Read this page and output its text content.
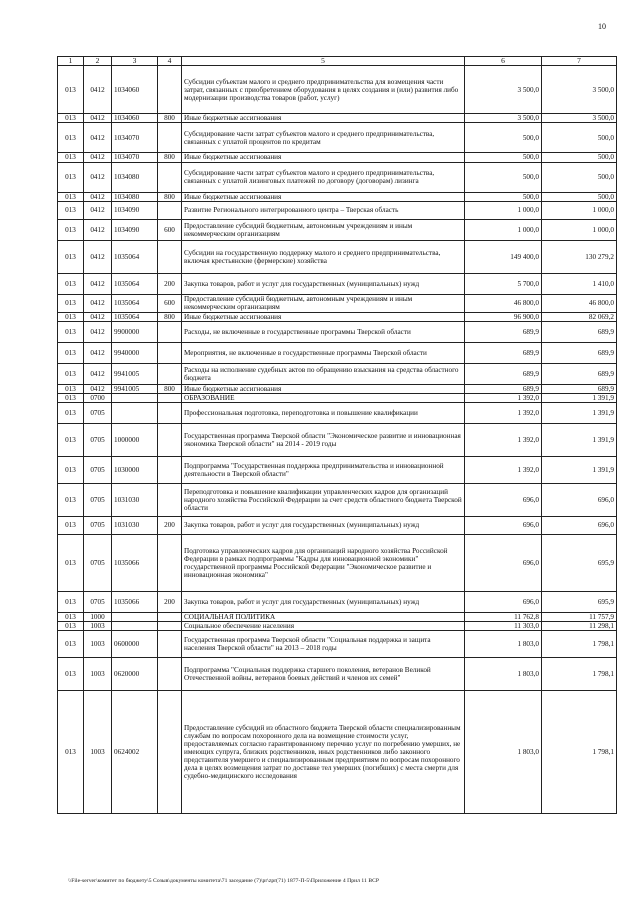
10
1	2	3	4	5	6	7
013	0412	1034060		Субсидии субъектам малого и среднего предпринимательства для возмещения части затрат, связанных с приобретением оборудования в целях создания и (или) развития либо модернизации производства товаров (работ, услуг)	3 500,0	3 500,0
013	0412	1034060	800	Иные бюджетные ассигнования	3 500,0	3 500,0
013	0412	1034070		Субсидирование части затрат субъектов малого и среднего предпринимательства, связанных с уплатой процентов по кредитам	500,0	500,0
013	0412	1034070	800	Иные бюджетные ассигнования	500,0	500,0
013	0412	1034080		Субсидирование части затрат субъектов малого и среднего предпринимательства, связанных с уплатой лизинговых платежей по договору (договорам) лизинга	500,0	500,0
013	0412	1034080	800	Иные бюджетные ассигнования	500,0	500,0
013	0412	1034090		Развитие Регионального интегрированного центра – Тверская область	1 000,0	1 000,0
013	0412	1034090	600	Предоставление субсидий бюджетным, автономным учреждениям и иным некоммерческим организациям	1 000,0	1 000,0
013	0412	1035064		Субсидии на государственную поддержку малого и среднего предпринимательства, включая крестьянские (фермерские) хозяйства	149 400,0	130 279,2
013	0412	1035064	200	Закупка товаров, работ и услуг для государственных (муниципальных) нужд	5 700,0	1 410,0
013	0412	1035064	600	Предоставление субсидий бюджетным, автономным учреждениям и иным некоммерческим организациям	46 800,0	46 800,0
013	0412	1035064	800	Иные бюджетные ассигнования	96 900,0	82 069,2
013	0412	9900000		Расходы, не включенные в государственные программы Тверской области	689,9	689,9
013	0412	9940000		Мероприятия, не включенные в государственные программы Тверской области	689,9	689,9
013	0412	9941005		Расходы на исполнение судебных актов по обращению взыскания на средства областного бюджета	689,9	689,9
013	0412	9941005	800	Иные бюджетные ассигнования	689,9	689,9
013	0700			ОБРАЗОВАНИЕ	1 392,0	1 391,9
013	0705			Профессиональная подготовка, переподготовка и повышение квалификации	1 392,0	1 391,9
013	0705	1000000		Государственная программа Тверской области "Экономическое развитие и инновационная экономика Тверской области" на 2014 - 2019 годы	1 392,0	1 391,9
013	0705	1030000		Подпрограмма "Государственная поддержка предпринимательства и инновационной деятельности в Тверской области"	1 392,0	1 391,9
013	0705	1031030		Переподготовка и повышение квалификации управленческих кадров для организаций народного хозяйства Российской Федерации за счет средств областного бюджета Тверской области	696,0	696,0
013	0705	1031030	200	Закупка товаров, работ и услуг для государственных (муниципальных) нужд	696,0	696,0
013	0705	1035066		Подготовка управленческих кадров для организаций народного хозяйства Российской Федерации в рамках подпрограммы "Кадры для инновационной экономики" государственной программы Российской Федерации "Экономическое развитие и инновационная экономика"	696,0	695,9
013	0705	1035066	200	Закупка товаров, работ и услуг для государственных (муниципальных) нужд	696,0	695,9
013	1000			СОЦИАЛЬНАЯ ПОЛИТИКА	11 762,8	11 757,9
013	1003			Социальное обеспечение населения	11 303,0	11 298,1
013	1003	0600000		Государственная программа Тверской области "Социальная поддержка и защита населения Тверской области" на 2013 – 2018 годы	1 803,0	1 798,1
013	1003	0620000		Подпрограмма "Социальная поддержка старшего поколения, ветеранов Великой Отечественной войны, ветеранов боевых действий и членов их семей"	1 803,0	1 798,1
013	1003	0624002		Предоставление субсидий из областного бюджета Тверской области специализированным службам по вопросам похоронного дела на возмещение стоимости услуг, предоставляемых согласно гарантированному перечню услуг по погребению умерших, не имеющих супруга, близких родственников, иных родственников либо законного представителя умершего и специализированным предприятиям по вопросам похоронного дела в целях возмещения затрат по доставке тел умерших (погибших) с места смерти для судебно-медицинского исследования	1 803,0	1 798,1
\\File-server\комитет по бюджету\5 Созыв\документы комитета\71 заседание (7)\pr\zpr(71) 1877-П-5\Приложение 4 Прил 11 ВСР
